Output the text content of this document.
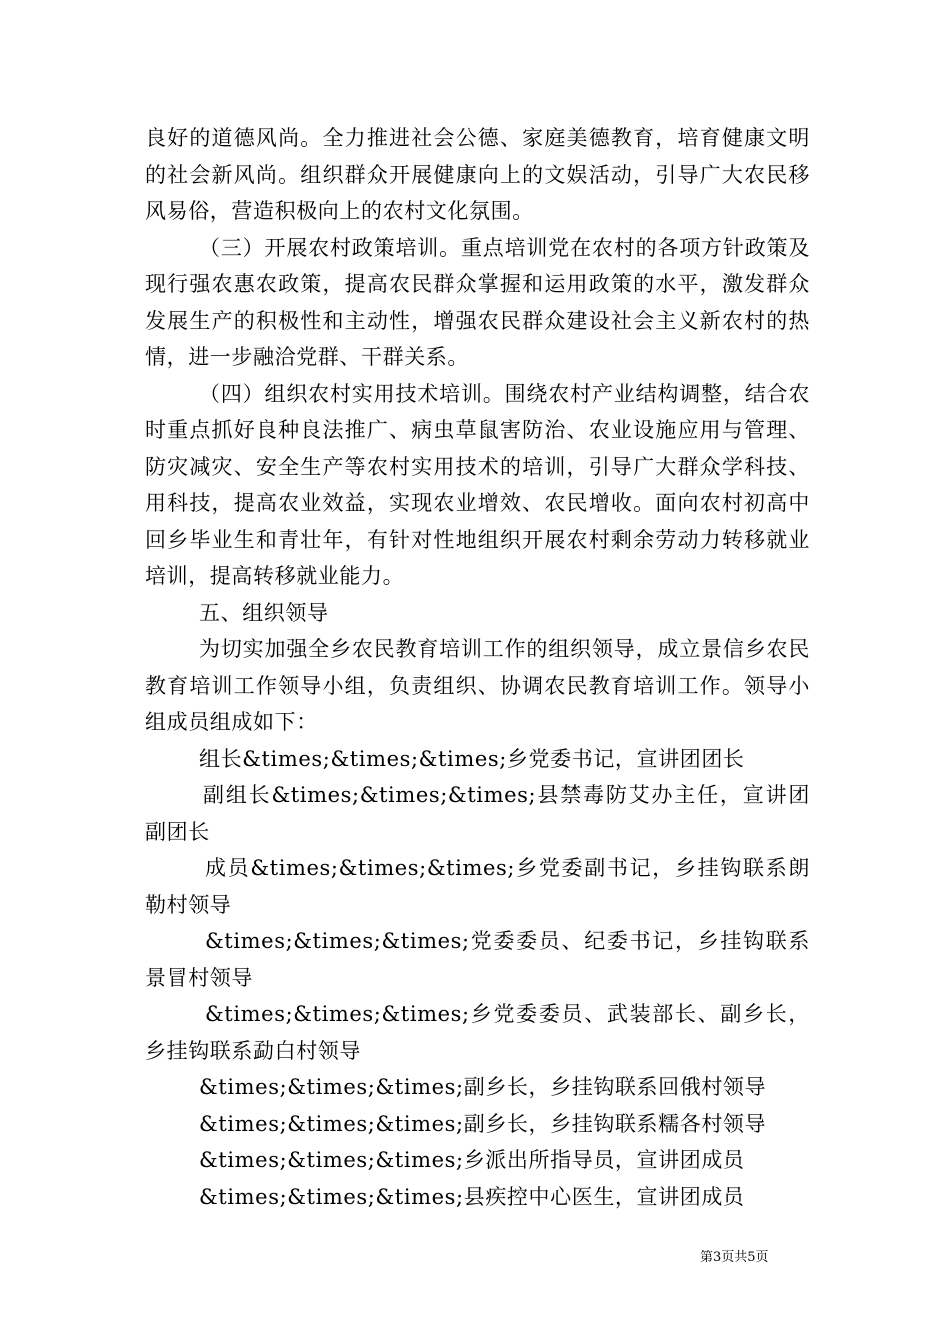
良好的道德风尚。全力推进社会公德、家庭美德教育，培育健康文明的社会新风尚。组织群众开展健康向上的文娱活动，引导广大农民移风易俗，营造积极向上的农村文化氛围。

（三）开展农村政策培训。重点培训党在农村的各项方针政策及现行强农惠农政策，提高农民群众掌握和运用政策的水平，激发群众发展生产的积极性和主动性，增强农民群众建设社会主义新农村的热情，进一步融洽党群、干群关系。

（四）组织农村实用技术培训。围绕农村产业结构调整，结合农时重点抓好良种良法推广、病虫草鼠害防治、农业设施应用与管理、防灾减灾、安全生产等农村实用技术的培训，引导广大群众学科技、用科技，提高农业效益，实现农业增效、农民增收。面向农村初高中回乡毕业生和青壮年，有针对性地组织开展农村剩余劳动力转移就业培训，提高转移就业能力。

五、组织领导

为切实加强全乡农民教育培训工作的组织领导，成立景信乡农民教育培训工作领导小组，负责组织、协调农民教育培训工作。领导小组成员组成如下：

组长&times;&times;&times;乡党委书记，宣讲团团长

副组长&times;&times;&times;县禁毒防艾办主任，宣讲团副团长

成员&times;&times;&times;乡党委副书记，乡挂钩联系朗勒村领导

&times;&times;&times;党委委员、纪委书记，乡挂钩联系景冒村领导

&times;&times;&times;乡党委委员、武装部长、副乡长，乡挂钩联系勐白村领导

&times;&times;&times;副乡长，乡挂钩联系回俄村领导

&times;&times;&times;副乡长，乡挂钩联系糯各村领导

&times;&times;&times;乡派出所指导员，宣讲团成员

&times;&times;&times;县疾控中心医生，宣讲团成员

第3页共5页
